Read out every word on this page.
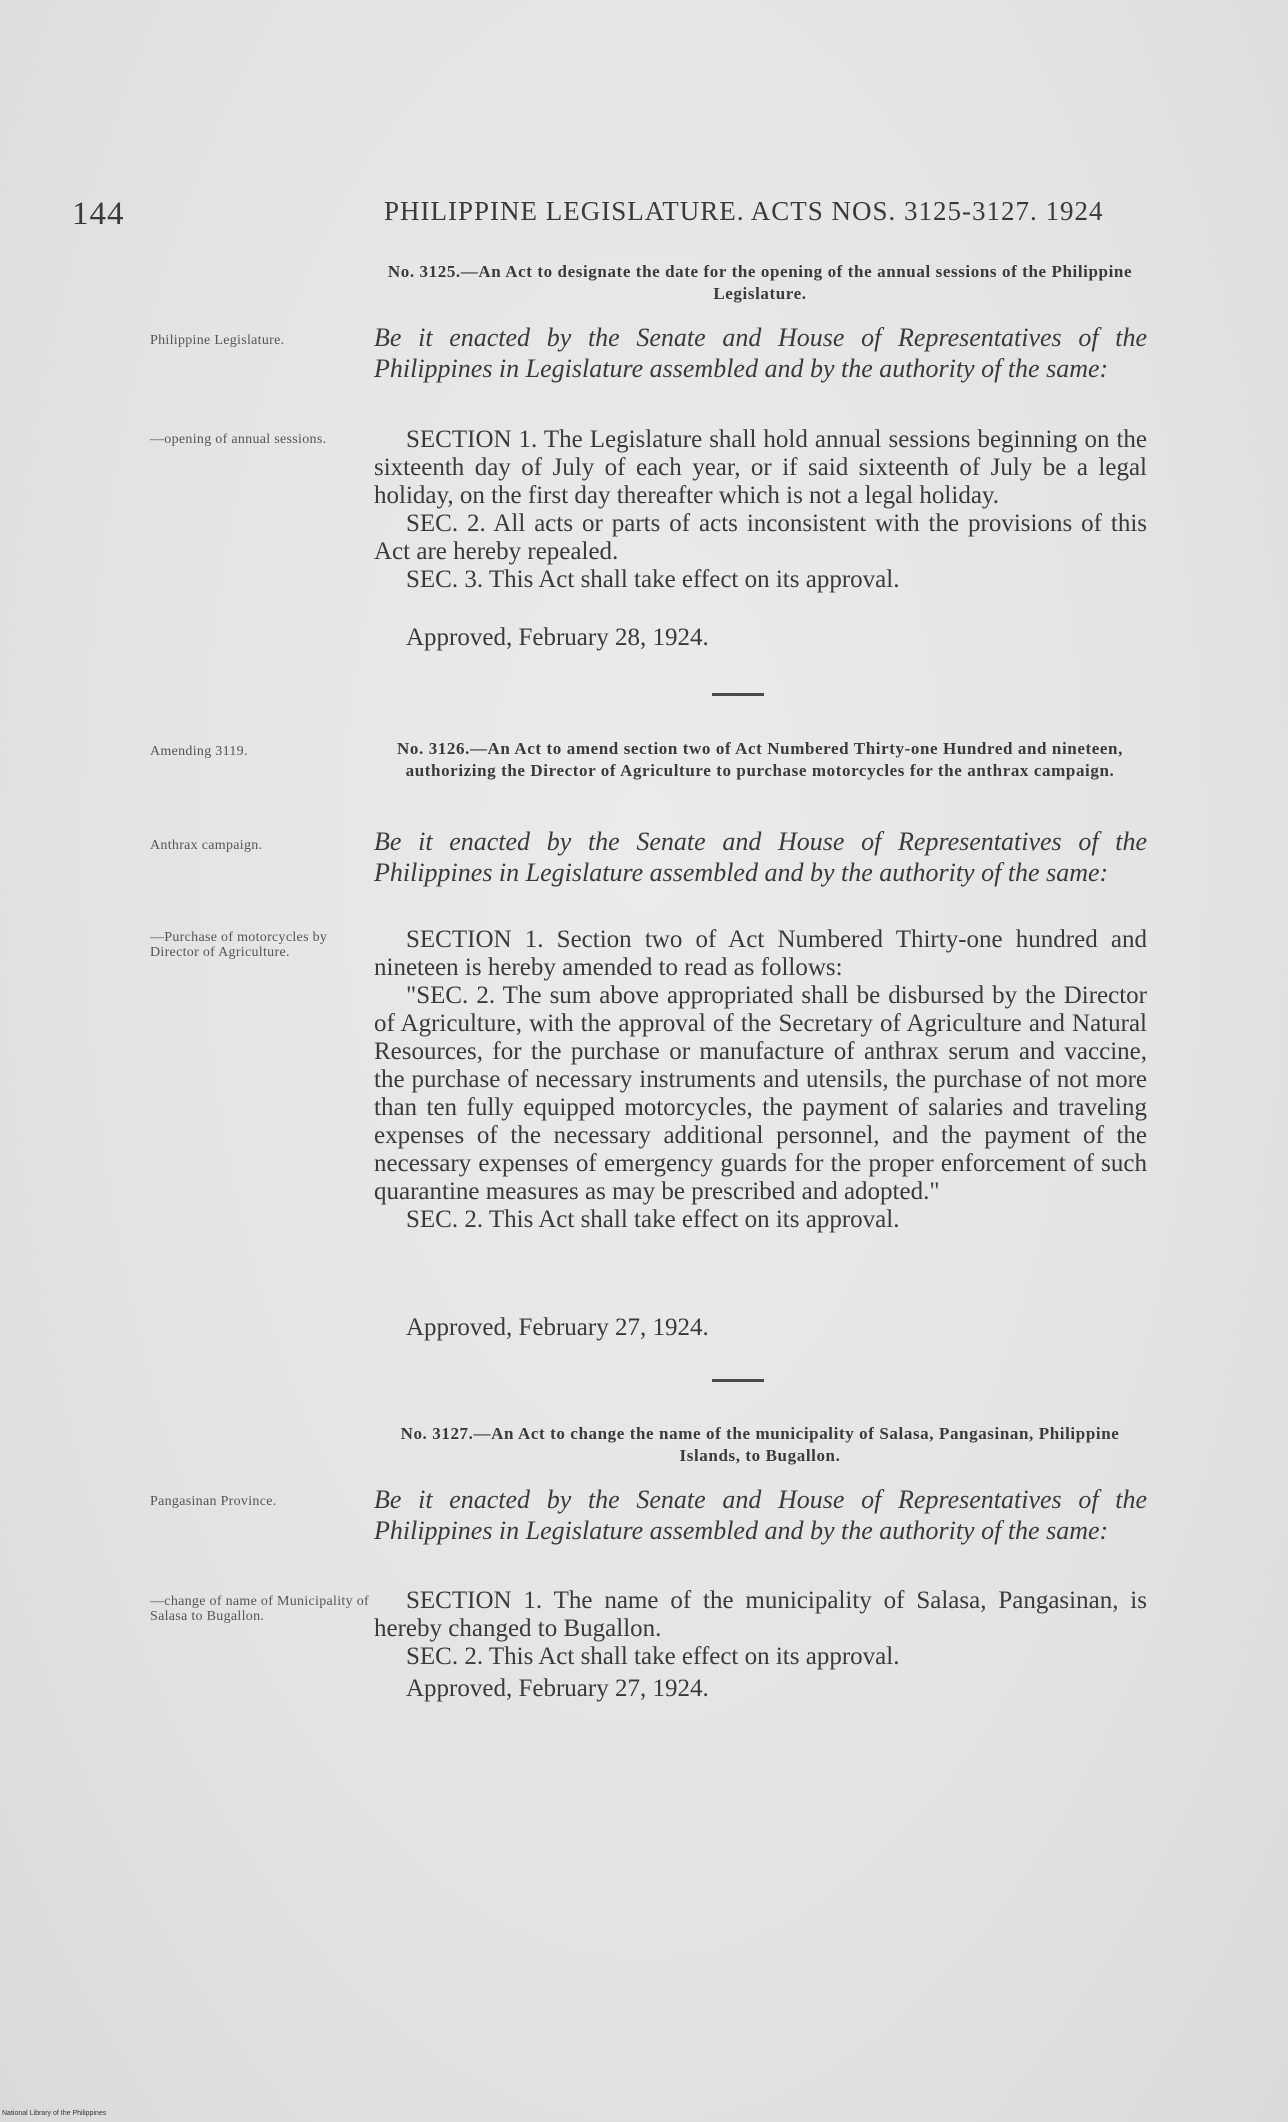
144	PHILIPPINE LEGISLATURE. ACTS NOS. 3125-3127. 1924
No. 3125.—An Act to designate the date for the opening of the annual sessions of the Philippine Legislature.
Philippine Legislature.	Be it enacted by the Senate and House of Representatives of the Philippines in Legislature assembled and by the authority of the same:
—opening of annual sessions.	SECTION 1. The Legislature shall hold annual sessions beginning on the sixteenth day of July of each year, or if said sixteenth of July be a legal holiday, on the first day thereafter which is not a legal holiday.

SEC. 2. All acts or parts of acts inconsistent with the provisions of this Act are hereby repealed.

SEC. 3. This Act shall take effect on its approval.

Approved, February 28, 1924.
Amending 3119.	No. 3126.—An Act to amend section two of Act Numbered Thirty-one Hundred and nineteen, authorizing the Director of Agriculture to purchase motorcycles for the anthrax campaign.
Anthrax campaign.	Be it enacted by the Senate and House of Representatives of the Philippines in Legislature assembled and by the authority of the same:
—Purchase of motorcycles by Director of Agriculture.	SECTION 1. Section two of Act Numbered Thirty-one hundred and nineteen is hereby amended to read as follows:

"SEC. 2. The sum above appropriated shall be disbursed by the Director of Agriculture, with the approval of the Secretary of Agriculture and Natural Resources, for the purchase or manufacture of anthrax serum and vaccine, the purchase of necessary instruments and utensils, the purchase of not more than ten fully equipped motorcycles, the payment of salaries and traveling expenses of the necessary additional personnel, and the payment of the necessary expenses of emergency guards for the proper enforcement of such quarantine measures as may be prescribed and adopted."

SEC. 2. This Act shall take effect on its approval.

Approved, February 27, 1924.
No. 3127.—An Act to change the name of the municipality of Salasa, Pangasinan, Philippine Islands, to Bugallon.
Pangasinan Province.	Be it enacted by the Senate and House of Representatives of the Philippines in Legislature assembled and by the authority of the same:
—change of name of Municipality of Salasa to Bugallon.

SECTION 1. The name of the municipality of Salasa, Pangasinan, is hereby changed to Bugallon.

SEC. 2. This Act shall take effect on its approval.

Approved, February 27, 1924.
National Library of the Philippines
